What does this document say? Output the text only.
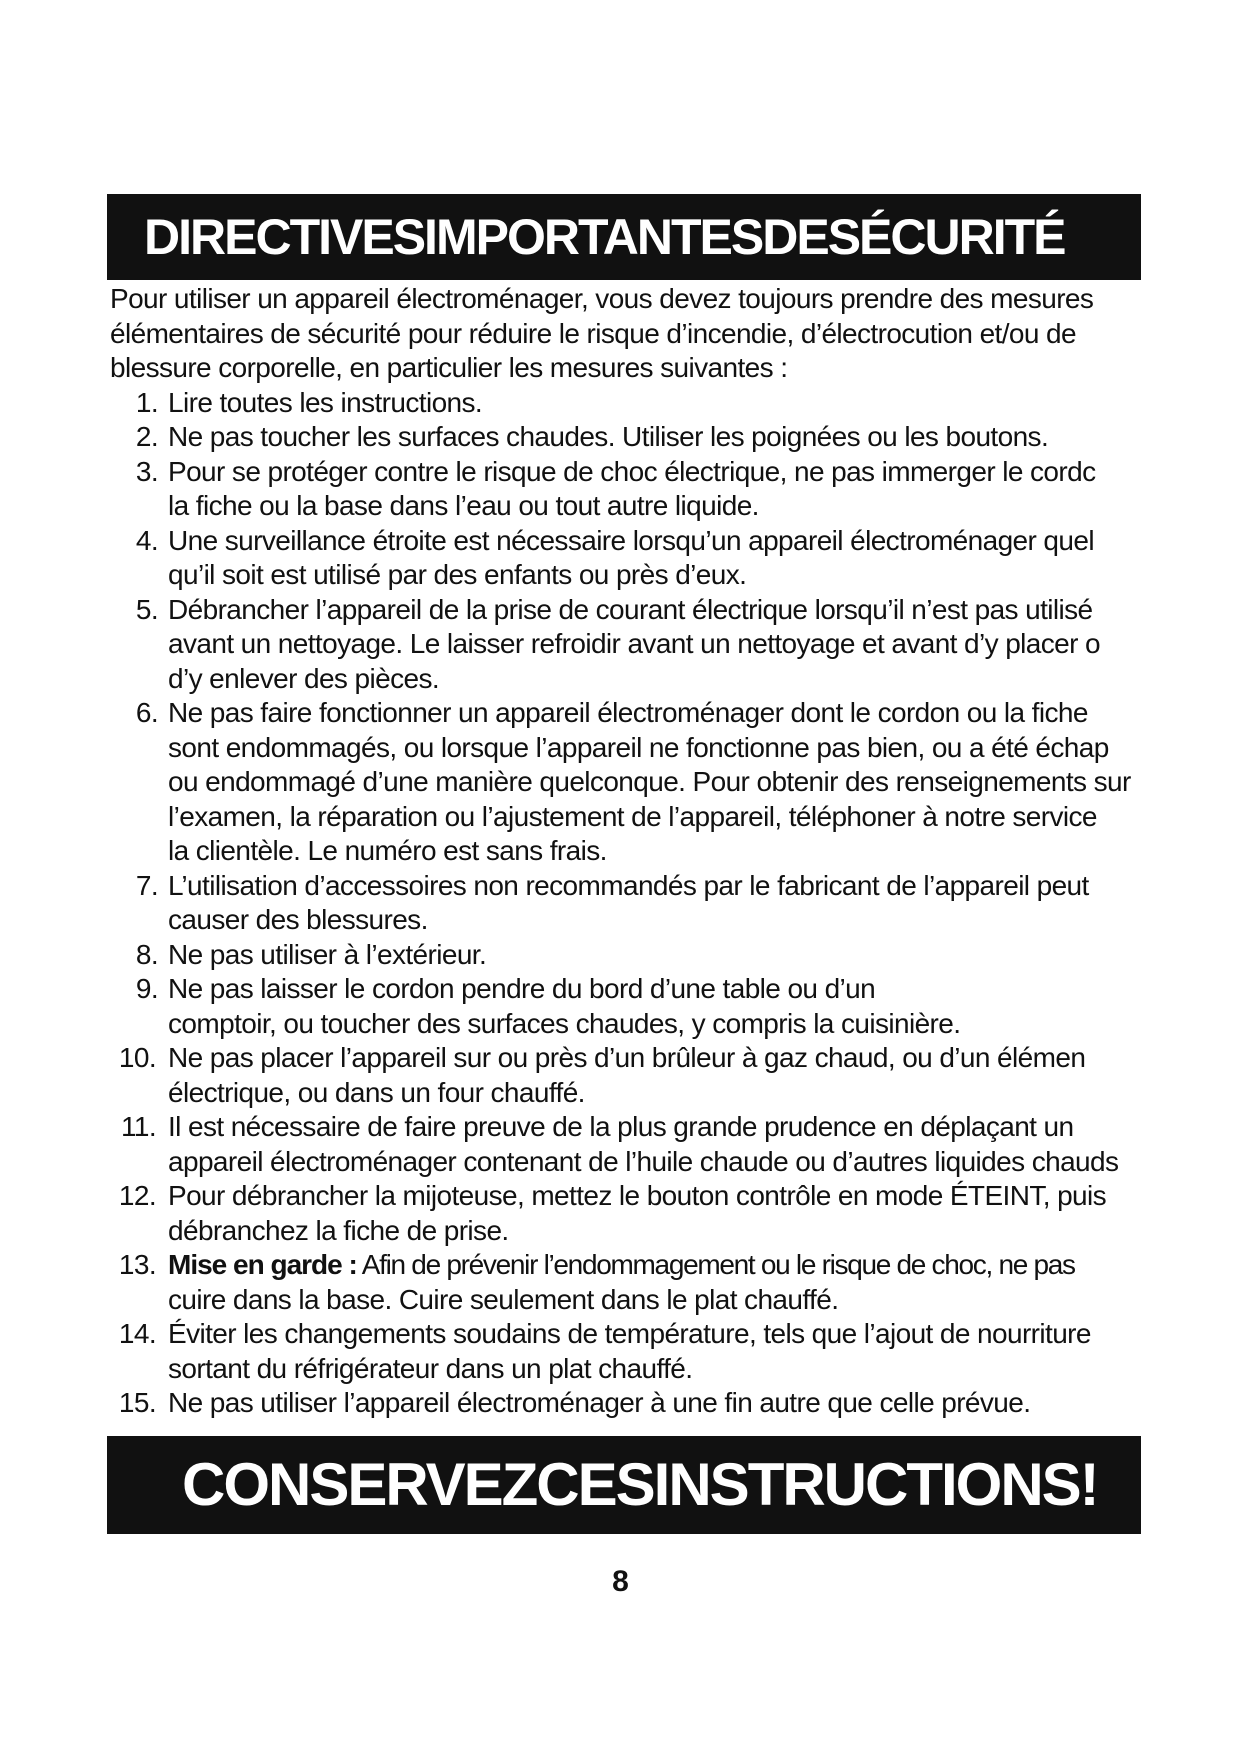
DIRECTIVESIMPORTANTESDESÉCURITÉ

Pour utiliser un appareil électroménager, vous devez toujours prendre des mesures
élémentaires de sécurité pour réduire le risque d’incendie, d’électrocution et/ou de
blessure corporelle, en particulier les mesures suivantes :

1. Lire toutes les instructions.
2. Ne pas toucher les surfaces chaudes. Utiliser les poignées ou les boutons.
3. Pour se protéger contre le risque de choc électrique, ne pas immerger le cordc
la fiche ou la base dans l’eau ou tout autre liquide.
4. Une surveillance étroite est nécessaire lorsqu’un appareil électroménager quel
qu’il soit est utilisé par des enfants ou près d’eux.
5. Débrancher l’appareil de la prise de courant électrique lorsqu’il n’est pas utilisé
avant un nettoyage. Le laisser refroidir avant un nettoyage et avant d’y placer o
d’y enlever des pièces.
6. Ne pas faire fonctionner un appareil électroménager dont le cordon ou la fiche
sont endommagés, ou lorsque l’appareil ne fonctionne pas bien, ou a été échap
ou endommagé d’une manière quelconque. Pour obtenir des renseignements sur
l’examen, la réparation ou l’ajustement de l’appareil, téléphoner à notre service
la clientèle. Le numéro est sans frais.
7. L’utilisation d’accessoires non recommandés par le fabricant de l’appareil peut
causer des blessures.
8. Ne pas utiliser à l’extérieur.
9. Ne pas laisser le cordon pendre du bord d’une table ou d’un
comptoir, ou toucher des surfaces chaudes, y compris la cuisinière.
10. Ne pas placer l’appareil sur ou près d’un brûleur à gaz chaud, ou d’un élémen
électrique, ou dans un four chauffé.
11. Il est nécessaire de faire preuve de la plus grande prudence en déplaçant un
appareil électroménager contenant de l’huile chaude ou d’autres liquides chauds
12. Pour débrancher la mijoteuse, mettez le bouton contrôle en mode ÉTEINT, puis
débranchez la fiche de prise.
13. Mise en garde : Afin de prévenir l’endommagement ou le risque de choc, ne pas
cuire dans la base. Cuire seulement dans le plat chauffé.
14. Éviter les changements soudains de température, tels que l’ajout de nourriture
sortant du réfrigérateur dans un plat chauffé.
15. Ne pas utiliser l’appareil électroménager à une fin autre que celle prévue.
CONSERVEZCESINSTRUCTIONS!
8
